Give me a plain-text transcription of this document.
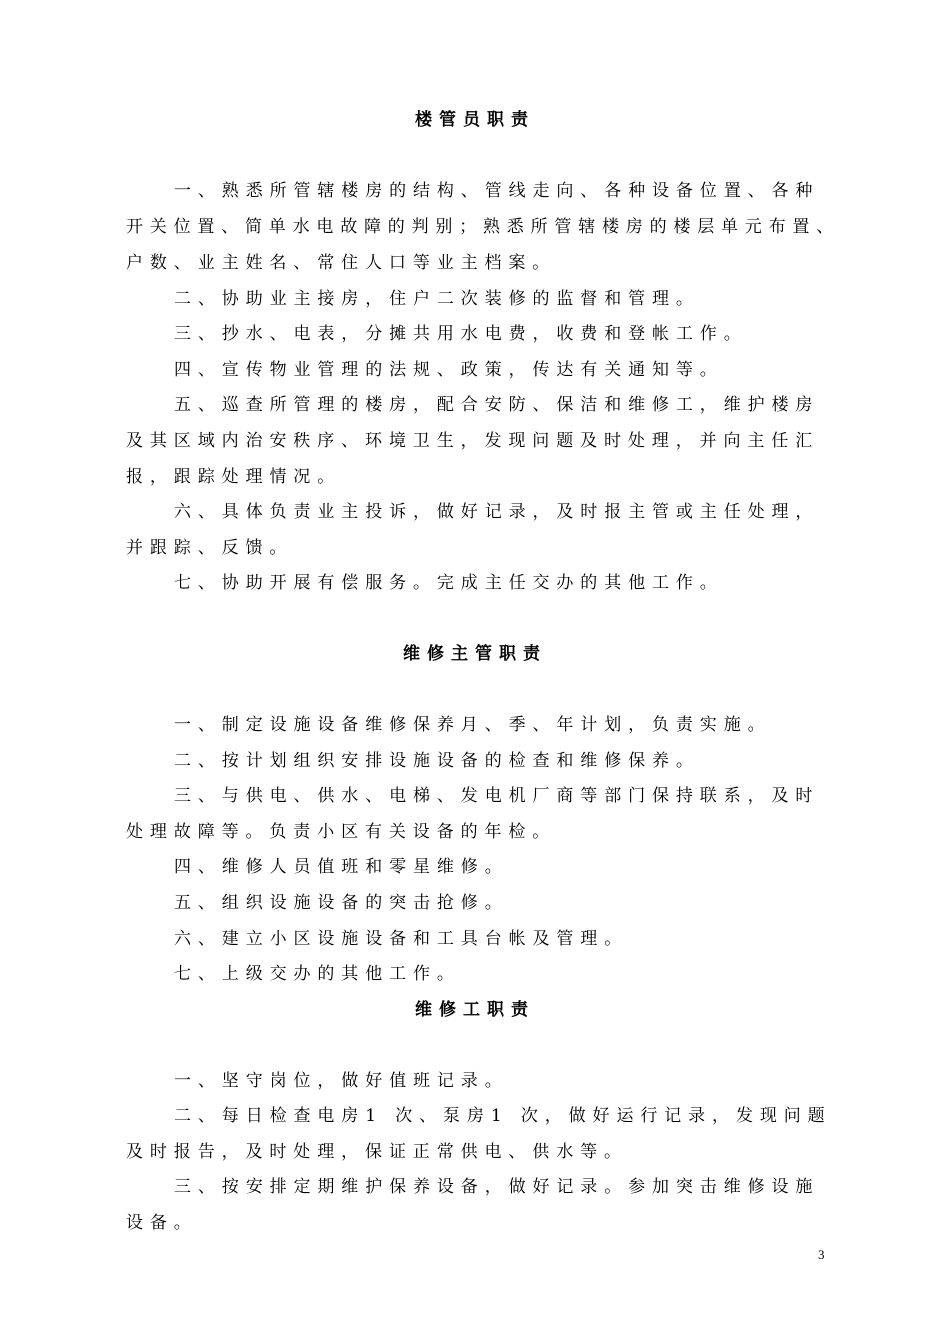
楼管员职责
一、熟悉所管辖楼房的结构、管线走向、各种设备位置、各种
开关位置、简单水电故障的判别；熟悉所管辖楼房的楼层单元布置、
户数、业主姓名、常住人口等业主档案。
二、协助业主接房，住户二次装修的监督和管理。
三、抄水、电表，分摊共用水电费，收费和登帐工作。
四、宣传物业管理的法规、政策，传达有关通知等。
五、巡查所管理的楼房，配合安防、保洁和维修工，维护楼房
及其区域内治安秩序、环境卫生，发现问题及时处理，并向主任汇
报，跟踪处理情况。
六、具体负责业主投诉，做好记录，及时报主管或主任处理，
并跟踪、反馈。
七、协助开展有偿服务。完成主任交办的其他工作。
维修主管职责
一、制定设施设备维修保养月、季、年计划，负责实施。
二、按计划组织安排设施设备的检查和维修保养。
三、与供电、供水、电梯、发电机厂商等部门保持联系，及时
处理故障等。负责小区有关设备的年检。
四、维修人员值班和零星维修。
五、组织设施设备的突击抢修。
六、建立小区设施设备和工具台帐及管理。
七、上级交办的其他工作。
维修工职责
一、坚守岗位，做好值班记录。
二、每日检查电房1 次、泵房1 次，做好运行记录，发现问题
及时报告，及时处理，保证正常供电、供水等。
三、按安排定期维护保养设备，做好记录。参加突击维修设施
设备。
3
